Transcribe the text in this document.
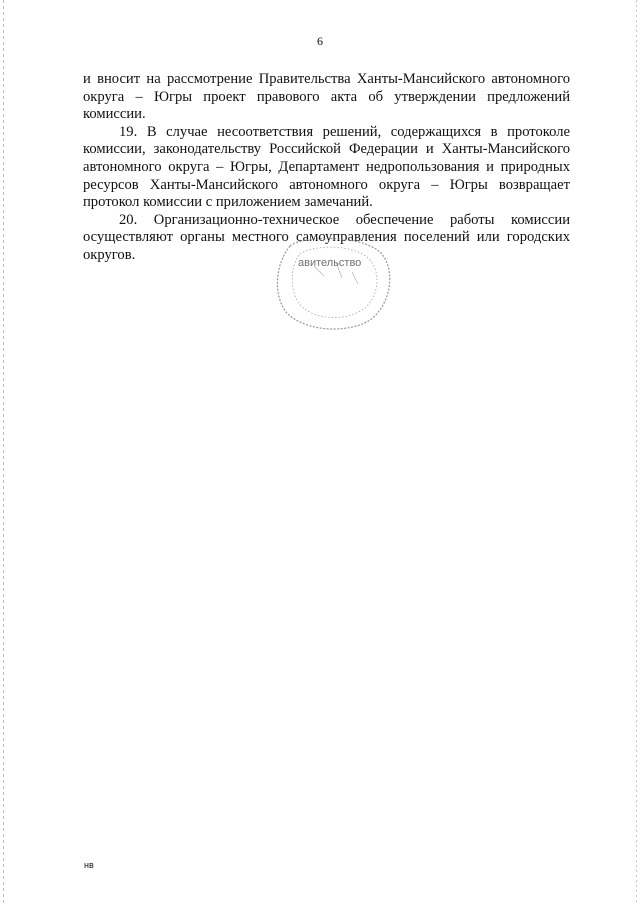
6

и вносит на рассмотрение Правительства Ханты-Мансийского автономного округа – Югры проект правового акта об утверждении предложений комиссии.

19. В случае несоответствия решений, содержащихся в протоколе комиссии, законодательству Российской Федерации и Ханты-Мансийского автономного округа – Югры, Департамент недропользования и природных ресурсов Ханты-Мансийского автономного округа – Югры возвращает протокол комиссии с приложением замечаний.

20. Организационно-техническое обеспечение работы комиссии осуществляют органы местного самоуправления поселений или городских округов.

авительство
нв
